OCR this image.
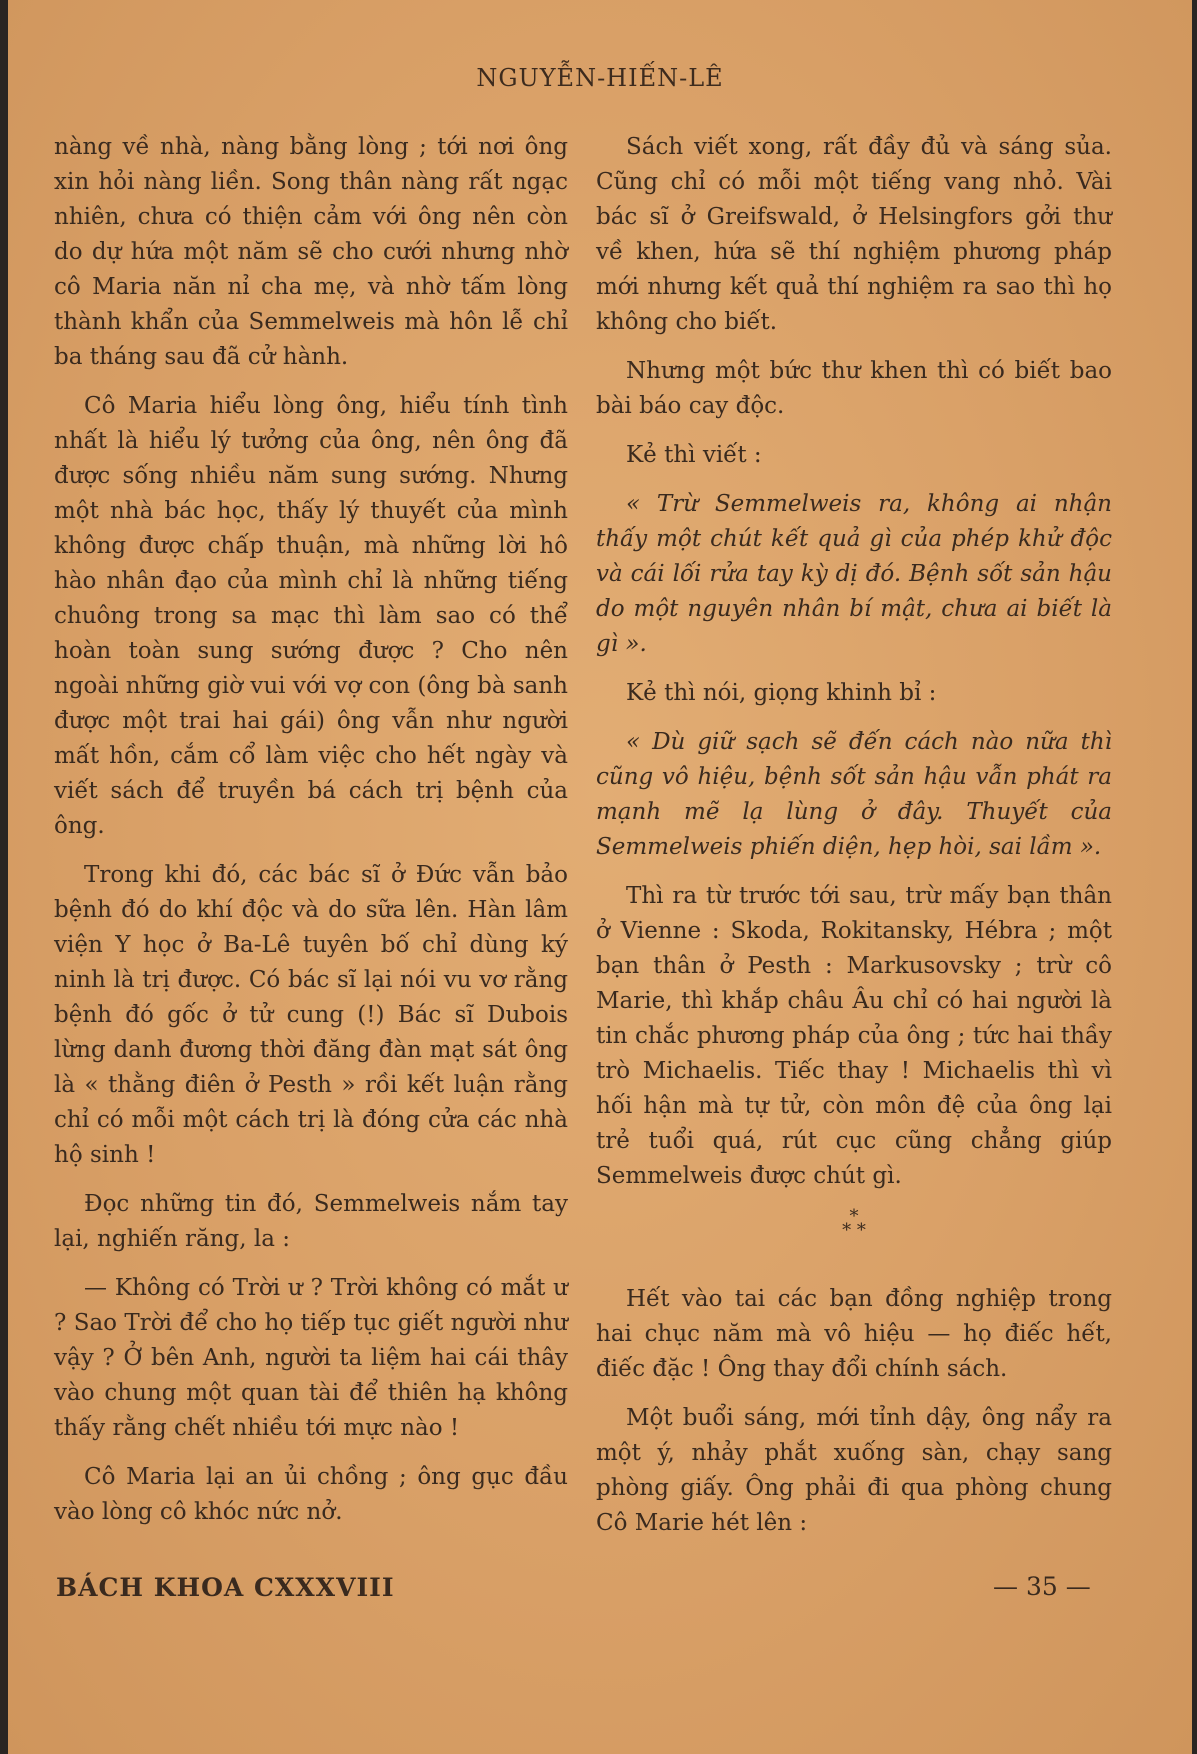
NGUYỄN-HIẾN-LÊ

nàng về nhà, nàng bằng lòng ; tới nơi ông xin hỏi nàng liền. Song thân nàng rất ngạc nhiên, chưa có thiện cảm với ông nên còn do dự hứa một năm sẽ cho cưới nhưng nhờ cô Maria năn nỉ cha mẹ, và nhờ tấm lòng thành khẩn của Semmelweis mà hôn lễ chỉ ba tháng sau đã cử hành.

Cô Maria hiểu lòng ông, hiểu tính tình nhất là hiểu lý tưởng của ông, nên ông đã được sống nhiều năm sung sướng. Nhưng một nhà bác học, thấy lý thuyết của mình không được chấp thuận, mà những lời hô hào nhân đạo của mình chỉ là những tiếng chuông trong sa mạc thì làm sao có thể hoàn toàn sung sướng được ? Cho nên ngoài những giờ vui với vợ con (ông bà sanh được một trai hai gái) ông vẫn như người mất hồn, cắm cổ làm việc cho hết ngày và viết sách để truyền bá cách trị bệnh của ông.

Trong khi đó, các bác sĩ ở Đức vẫn bảo bệnh đó do khí độc và do sữa lên. Hàn lâm viện Y học ở Ba-Lê tuyên bố chỉ dùng ký ninh là trị được. Có bác sĩ lại nói vu vơ rằng bệnh đó gốc ở tử cung (!) Bác sĩ Dubois lừng danh đương thời đăng đàn mạt sát ông là « thằng điên ở Pesth » rồi kết luận rằng chỉ có mỗi một cách trị là đóng cửa các nhà hộ sinh !

Đọc những tin đó, Semmelweis nắm tay lại, nghiến răng, la :

— Không có Trời ư ? Trời không có mắt ư ? Sao Trời để cho họ tiếp tục giết người như vậy ? Ở bên Anh, người ta liệm hai cái thây vào chung một quan tài để thiên hạ không thấy rằng chết nhiều tới mực nào !

Cô Maria lại an ủi chồng ; ông gục đầu vào lòng cô khóc nức nở.

Sách viết xong, rất đầy đủ và sáng sủa. Cũng chỉ có mỗi một tiếng vang nhỏ. Vài bác sĩ ở Greifswald, ở Helsingfors gởi thư về khen, hứa sẽ thí nghiệm phương pháp mới nhưng kết quả thí nghiệm ra sao thì họ không cho biết.

Nhưng một bức thư khen thì có biết bao bài báo cay độc.

Kẻ thì viết :

« Trừ Semmelweis ra, không ai nhận thấy một chút kết quả gì của phép khử độc và cái lối rửa tay kỳ dị đó. Bệnh sốt sản hậu do một nguyên nhân bí mật, chưa ai biết là gì ».

Kẻ thì nói, giọng khinh bỉ :

« Dù giữ sạch sẽ đến cách nào nữa thì cũng vô hiệu, bệnh sốt sản hậu vẫn phát ra mạnh mẽ lạ lùng ở đây. Thuyết của Semmelweis phiến diện, hẹp hòi, sai lầm ».

Thì ra từ trước tới sau, trừ mấy bạn thân ở Vienne : Skoda, Rokitansky, Hébra ; một bạn thân ở Pesth : Markusovsky ; trừ cô Marie, thì khắp châu Âu chỉ có hai người là tin chắc phương pháp của ông ; tức hai thầy trò Michaelis. Tiếc thay ! Michaelis thì vì hối hận mà tự tử, còn môn đệ của ông lại trẻ tuổi quá, rút cục cũng chẳng giúp Semmelweis được chút gì.

*
* *

Hết vào tai các bạn đồng nghiệp trong hai chục năm mà vô hiệu — họ điếc hết, điếc đặc ! Ông thay đổi chính sách.

Một buổi sáng, mới tỉnh dậy, ông nẩy ra một ý, nhảy phắt xuống sàn, chạy sang phòng giấy. Ông phải đi qua phòng chung Cô Marie hét lên :

BÁCH KHOA CXXXVIII	— 35 —
